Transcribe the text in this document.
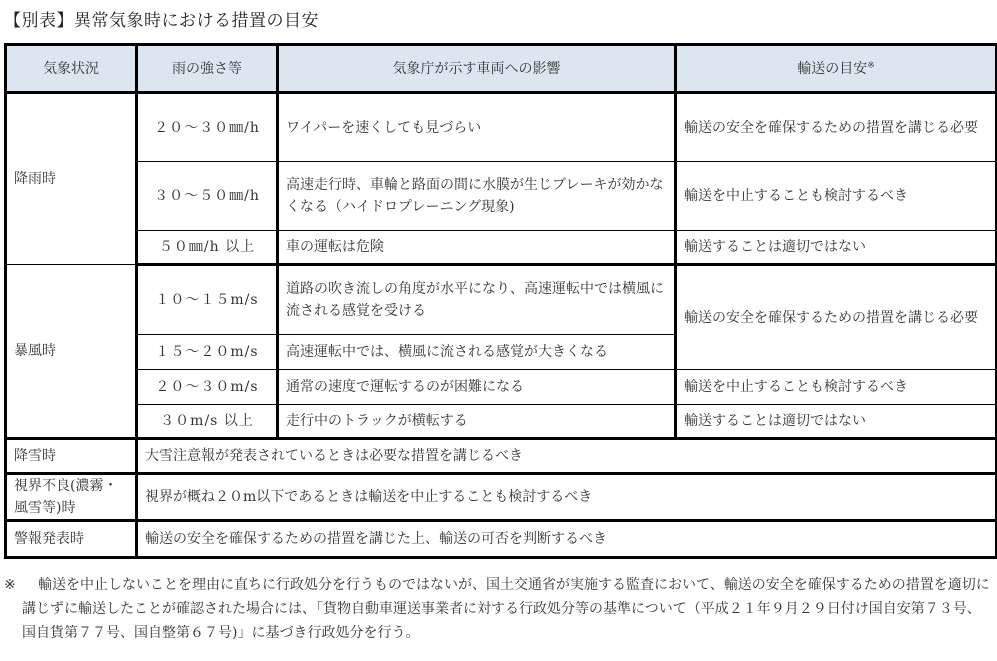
【別表】異常気象時における措置の目安
気象状況	雨の強さ等	気象庁が示す車両への影響	輸送の目安※
降雨時	２０～３０㎜/h	ワイパーを速くしても見づらい	輸送の安全を確保するための措置を講じる必要
	３０～５０㎜/h	高速走行時、車輪と路面の間に水膜が生じブレーキが効かなくなる（ハイドロプレーニング現象)	輸送を中止することも検討するべき
	５０㎜/h 以上	車の運転は危険	輸送することは適切ではない
暴風時	１０～１５m/s	道路の吹き流しの角度が水平になり、高速運転中では横風に流される感覚を受ける	輸送の安全を確保するための措置を講じる必要
	１５～２０m/s	高速運転中では、横風に流される感覚が大きくなる	
	２０～３０m/s	通常の速度で運転するのが困難になる	輸送を中止することも検討するべき
	３０m/s 以上	走行中のトラックが横転する	輸送することは適切ではない
降雪時	大雪注意報が発表されているときは必要な措置を講じるべき		
視界不良(濃霧・風雪等)時	視界が概ね２０m以下であるときは輸送を中止することも検討するべき		
警報発表時	輸送の安全を確保するための措置を講じた上、輸送の可否を判断するべき		
※	輸送を中止しないことを理由に直ちに行政処分を行うものではないが、国土交通省が実施する監査において、輸送の安全を確保するための措置を適切に講じずに輸送したことが確認された場合には、「貨物自動車運送事業者に対する行政処分等の基準について（平成２１年９月２９日付け国自安第７３号、国自貨第７７号、国自整第６７号)」に基づき行政処分を行う。
